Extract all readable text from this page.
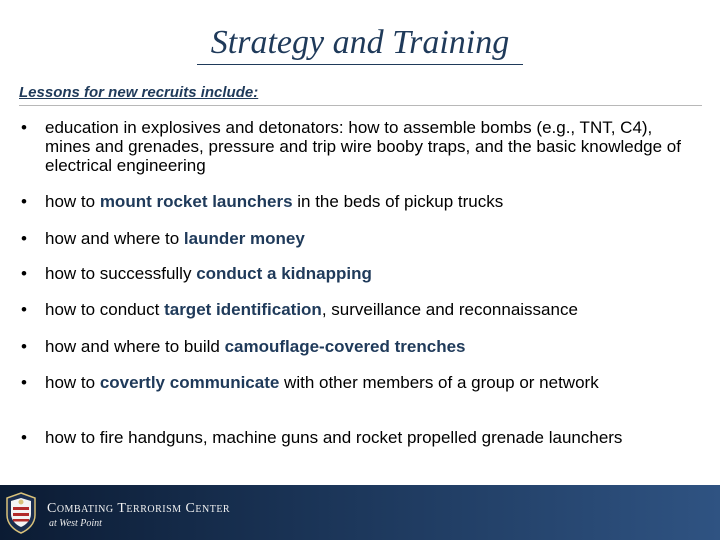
Strategy and Training
Lessons for new recruits include:
• education in explosives and detonators: how to assemble bombs (e.g., TNT, C4), mines and grenades, pressure and trip wire booby traps, and the basic knowledge of electrical engineering
• how to mount rocket launchers in the beds of pickup trucks
• how and where to launder money
• how to successfully conduct a kidnapping
• how to conduct target identification, surveillance and reconnaissance
• how and where to build camouflage-covered trenches
• how to covertly communicate with other members of a group or network
• how to fire handguns, machine guns and rocket propelled grenade launchers
Combating Terrorism Center
at West Point
